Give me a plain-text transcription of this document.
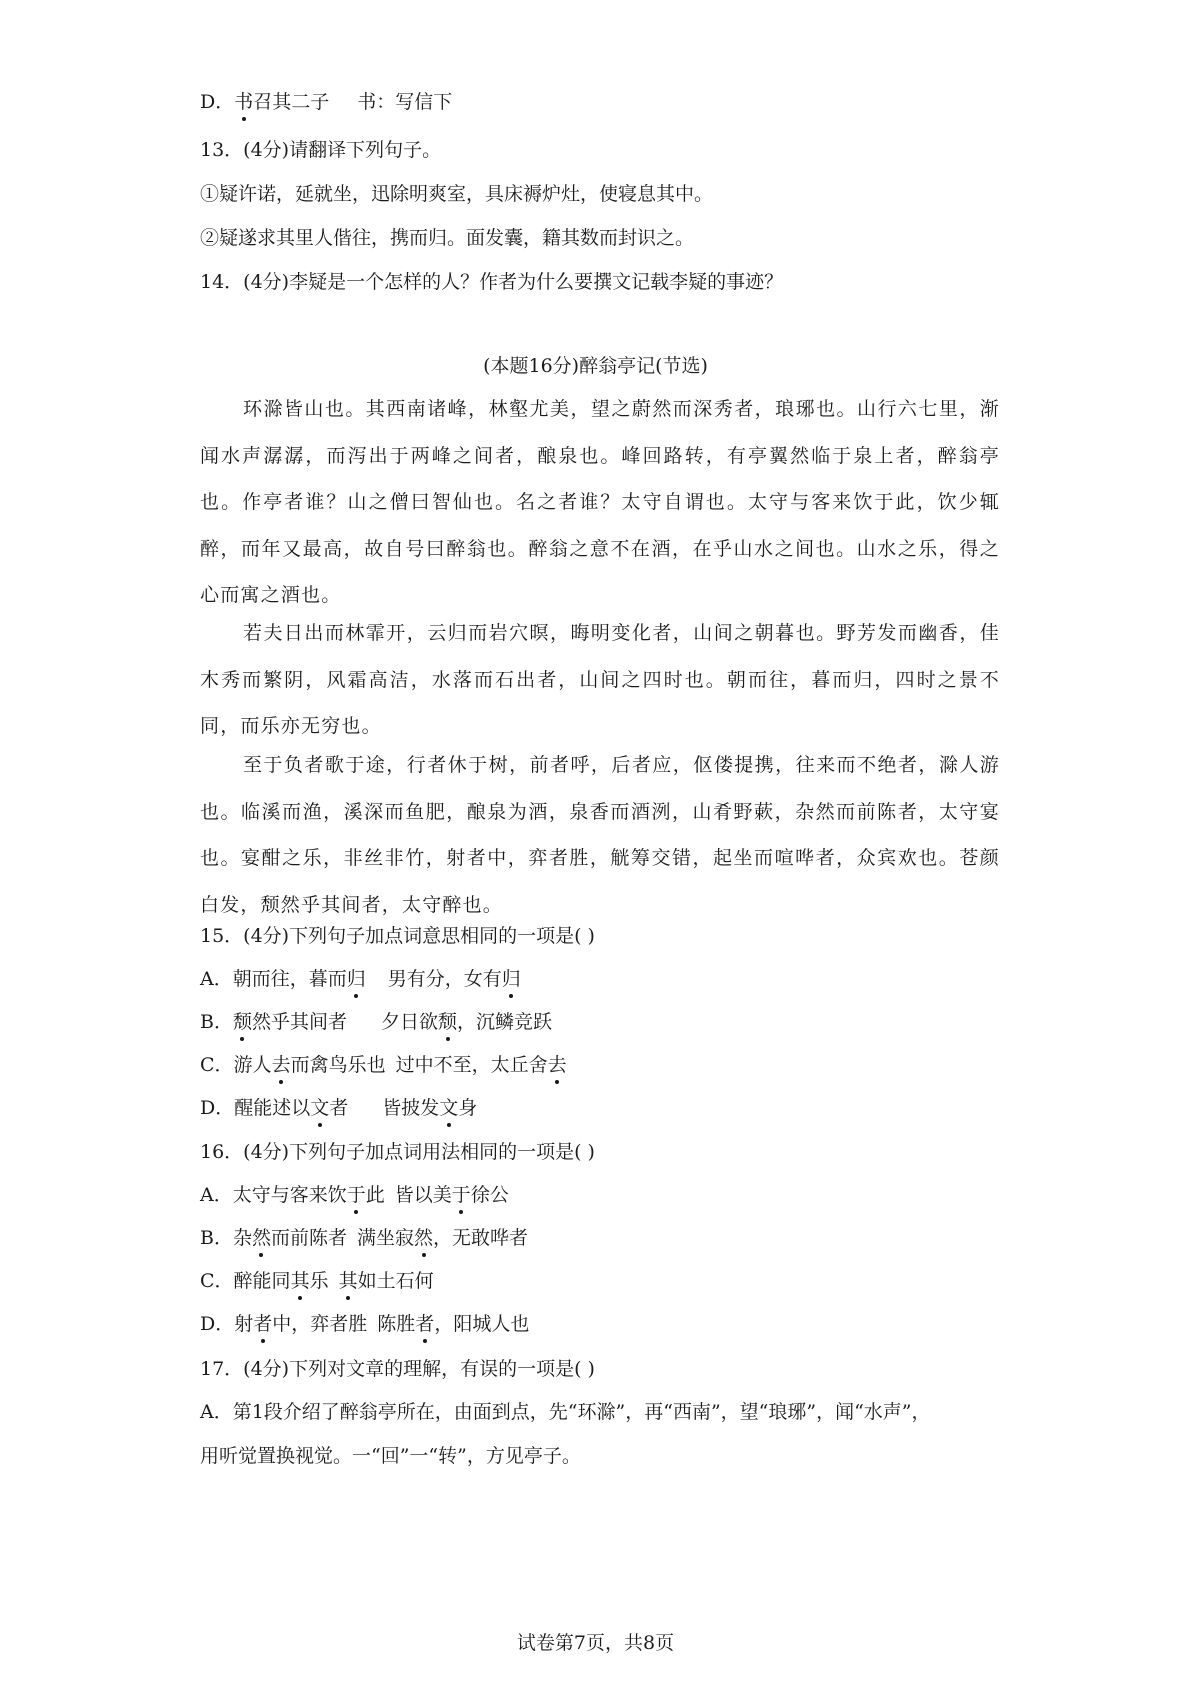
D．书召其二子 书：写信下
13．(4分)请翻译下列句子。
①疑许诺，延就坐，迅除明爽室，具床褥炉灶，使寝息其中。
②疑遂求其里人偕往，携而归。面发囊，籍其数而封识之。
14．(4分)李疑是一个怎样的人？作者为什么要撰文记载李疑的事迹？
(本题16分)醉翁亭记(节选)
环滁皆山也。其西南诸峰，林壑尤美，望之蔚然而深秀者，琅琊也。山行六七里，渐闻水声潺潺，而泻出于两峰之间者，酿泉也。峰回路转，有亭翼然临于泉上者，醉翁亭也。作亭者谁？山之僧曰智仙也。名之者谁？太守自谓也。太守与客来饮于此，饮少辄醉，而年又最高，故自号曰醉翁也。醉翁之意不在酒，在乎山水之间也。山水之乐，得之心而寓之酒也。
若夫日出而林霏开，云归而岩穴暝，晦明变化者，山间之朝暮也。野芳发而幽香，佳木秀而繁阴，风霜高洁，水落而石出者，山间之四时也。朝而往，暮而归，四时之景不同，而乐亦无穷也。
至于负者歌于途，行者休于树，前者呼，后者应，伛偻提携，往来而不绝者，滁人游也。临溪而渔，溪深而鱼肥，酿泉为酒，泉香而酒洌，山肴野蔌，杂然而前陈者，太守宴也。宴酣之乐，非丝非竹，射者中，弈者胜，觥筹交错，起坐而喧哗者，众宾欢也。苍颜白发，颓然乎其间者，太守醉也。
15．(4分)下列句子加点词意思相同的一项是( )
A．朝而往，暮而归 男有分，女有归
B．颓然乎其间者 夕日欲颓，沉鳞竞跃
C．游人去而禽鸟乐也 过中不至，太丘舍去
D．醒能述以文者 皆披发文身
16．(4分)下列句子加点词用法相同的一项是( )
A．太守与客来饮于此 皆以美于徐公
B．杂然而前陈者 满坐寂然，无敢哗者
C．醉能同其乐 其如土石何
D．射者中，弈者胜 陈胜者，阳城人也
17．(4分)下列对文章的理解，有误的一项是( )
A．第1段介绍了醉翁亭所在，由面到点，先“环滁”，再“西南”，望“琅琊”，闻“水声”，
用听觉置换视觉。一“回”一“转”，方见亭子。
试卷第7页，共8页
